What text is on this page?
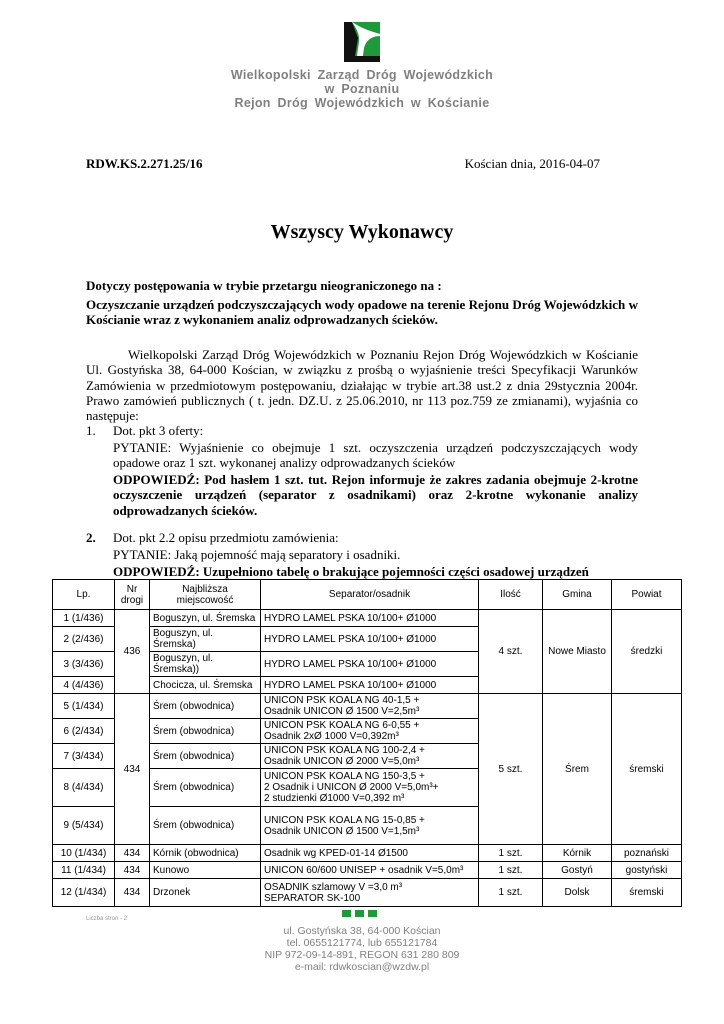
Wielkopolski Zarząd Dróg Wojewódzkich
w Poznaniu
Rejon Dróg Wojewódzkich w Kościanie
RDW.KS.2.271.25/16	Kościan dnia, 2016-04-07
Wszyscy Wykonawcy
Dotyczy postępowania w trybie przetargu nieograniczonego na :
Oczyszczanie urządzeń podczyszczających wody opadowe na terenie Rejonu Dróg Wojewódzkich w Kościanie wraz z wykonaniem analiz odprowadzanych ścieków.
Wielkopolski Zarząd Dróg Wojewódzkich w Poznaniu Rejon Dróg Wojewódzkich w Kościanie Ul. Gostyńska 38, 64-000 Kościan, w związku z prośbą o wyjaśnienie treści Specyfikacji Warunków Zamówienia w przedmiotowym postępowaniu, działając w trybie art.38 ust.2 z dnia 29stycznia 2004r. Prawo zamówień publicznych ( t. jedn. DZ.U. z 25.06.2010, nr 113 poz.759 ze zmianami), wyjaśnia co następuje:
1. Dot. pkt 3 oferty:
PYTANIE: Wyjaśnienie co obejmuje 1 szt. oczyszczenia urządzeń podczyszczających wody opadowe oraz 1 szt. wykonanej analizy odprowadzanych ścieków
ODPOWIEDŹ: Pod hasłem 1 szt. tut. Rejon informuje że zakres zadania obejmuje 2-krotne oczyszczenie urządzeń (separator z osadnikami) oraz 2-krotne wykonanie analizy odprowadzanych ścieków.
2. Dot. pkt 2.2 opisu przedmiotu zamówienia:
PYTANIE: Jaką pojemność mają separatory i osadniki.
ODPOWIEDŹ: Uzupełniono tabelę o brakujące pojemności części osadowej urządzeń
Lp.	Nr drogi	Najbliższa miejscowość	Separator/osadnik	Ilość	Gmina	Powiat
1 (1/436)	436	Boguszyn, ul. Śremska	HYDRO LAMEL PSKA 10/100+ Ø1000	4 szt.	Nowe Miasto	średzki
2 (2/436)		Boguszyn, ul. Śremska)	HYDRO LAMEL PSKA 10/100+ Ø1000			

3 (3/436)		Boguszyn, ul. Śremska))	HYDRO LAMEL PSKA 10/100+ Ø1000			

4 (4/436)		Chocicza, ul. Śremska	HYDRO LAMEL PSKA 10/100+ Ø1000			

5 (1/434)	434	Śrem (obwodnica)	UNICON PSK KOALA NG 40-1,5 +
Osadnik UNICON Ø 1500 V=2,5m³	5 szt.	Śrem	śremski
6 (2/434)		Śrem (obwodnica)	UNICON PSK KOALA NG 6-0,55 +
Osadnik 2xØ 1000 V=0,392m³			

7 (3/434)		Śrem (obwodnica)	UNICON PSK KOALA NG 100-2,4 +
Osadnik UNICON Ø 2000 V=5,0m³			

8 (4/434)		Śrem (obwodnica)	UNICON PSK KOALA NG 150-3,5 +
2 Osadnik i UNICON Ø 2000 V=5,0m³+
2 studzienki Ø1000 V=0,392 m³			

9 (5/434)		Śrem (obwodnica)	UNICON PSK KOALA NG 15-0,85 +
Osadnik UNICON Ø 1500 V=1,5m³			

10 (1/434)	434	Kórnik (obwodnica)	Osadnik wg KPED-01-14 Ø1500	1 szt.	Kórnik	poznański
11 (1/434)	434	Kunowo	UNICON 60/600 UNISEP + osadnik V=5,0m³	1 szt.	Gostyń	gostyński
12 (1/434)	434	Drzonek	OSADNIK szlamowy V =3,0 m³
SEPARATOR SK-100	1 szt.	Dolsk	śremski
Liczba stron - 2
ul. Gostyńska 38, 64-000 Kościan
tel. 0655121774, lub 655121784
NIP 972-09-14-891, REGON 631 280 809
e-mail: rdwkoscian@wzdw.pl
